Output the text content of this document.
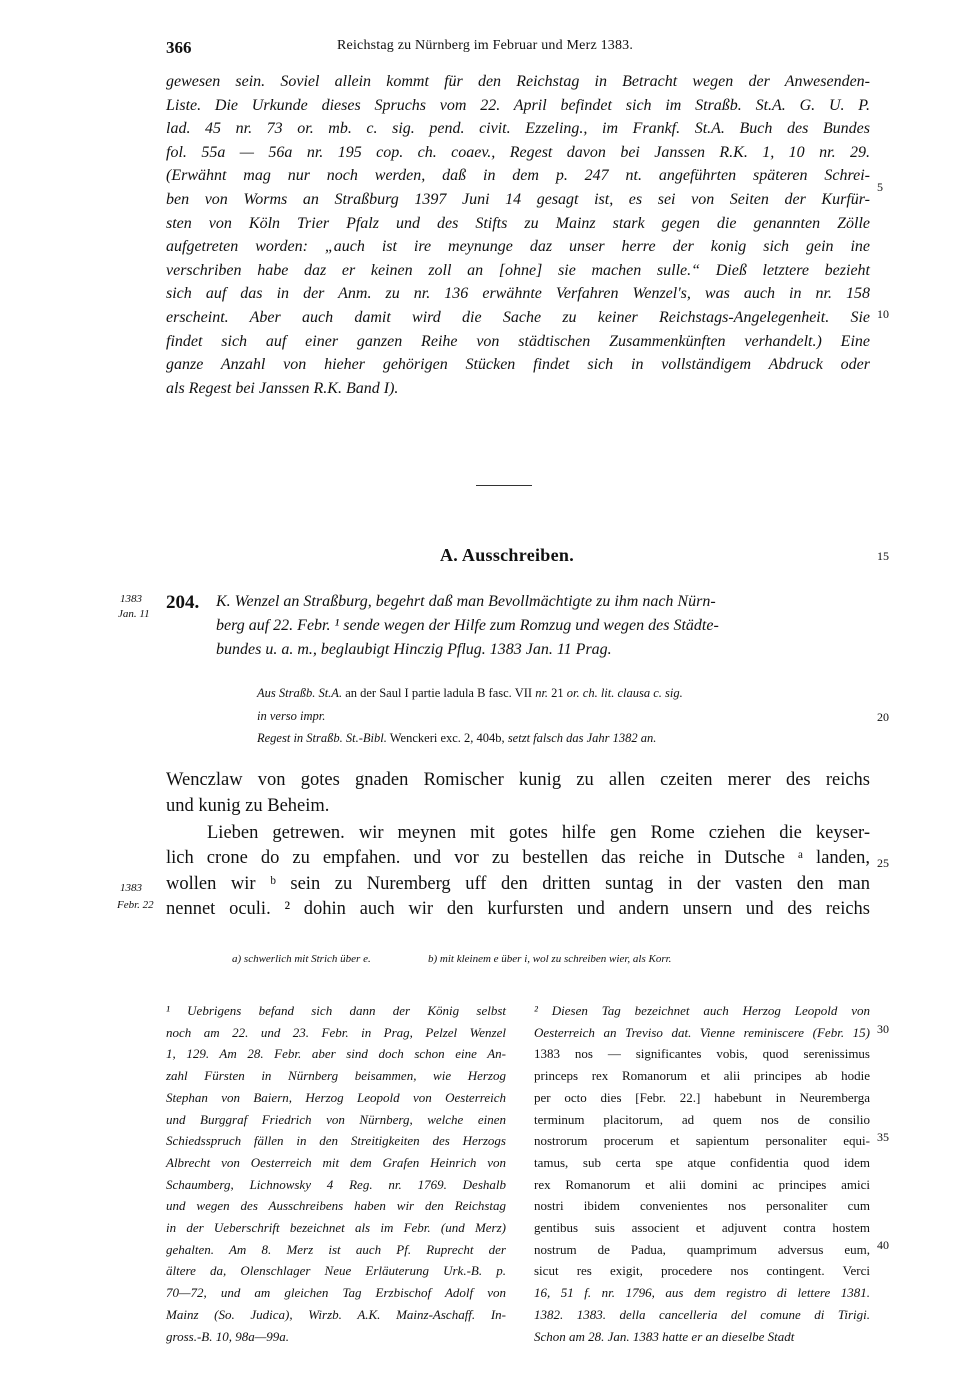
366	Reichstag zu Nürnberg im Februar und Merz 1383.
gewesen sein. Soviel allein kommt für den Reichstag in Betracht wegen der Anwesenden-
Liste. Die Urkunde dieses Spruchs vom 22. April befindet sich im Straßb. St.A. G. U. P.
lad. 45 nr. 73 or. mb. c. sig. pend. civit. Ezzeling., im Frankf. St.A. Buch des Bundes
fol. 55a — 56a nr. 195 cop. ch. coaev., Regest davon bei Janssen R.K. 1, 10 nr. 29.
(Erwähnt mag nur noch werden, daß in dem p. 247 nt. angeführten späteren Schrei-
ben von Worms an Straßburg 1397 Juni 14 gesagt ist, es sei von Seiten der Kurfür-
sten von Köln Trier Pfalz und des Stifts zu Mainz stark gegen die genannten Zölle
aufgetreten worden: „auch ist ire meynunge daz unser herre der konig sich gein ine
verschriben habe daz er keinen zoll an [ohne] sie machen sulle.“ Dieß letztere bezieht
sich auf das in der Anm. zu nr. 136 erwähnte Verfahren Wenzel's, was auch in nr. 158
erscheint. Aber auch damit wird die Sache zu keiner Reichstags-Angelegenheit. Sie
findet sich auf einer ganzen Reihe von städtischen Zusammenkünften verhandelt.) Eine
ganze Anzahl von hieher gehörigen Stücken findet sich in vollständigem Abdruck oder
als Regest bei Janssen R.K. Band I).
5
10
15
20
25
30
35
40
A. Ausschreiben.
1383
Jan. 11
204. K. Wenzel an Straßburg, begehrt daß man Bevollmächtigte zu ihm nach Nürn-
berg auf 22. Febr. ¹ sende wegen der Hilfe zum Romzug und wegen des Städte-
bundes u. a. m., beglaubigt Hinczig Pflug. 1383 Jan. 11 Prag.
Aus Straßb. St.A. an der Saul I partie ladula B fasc. VII nr. 21 or. ch. lit. clausa c. sig.
in verso impr.
Regest in Straßb. St.-Bibl. Wenckeri exc. 2, 404b, setzt falsch das Jahr 1382 an.
Wenczlaw von gotes gnaden Romischer kunig zu allen czeiten merer des reichs
und kunig zu Beheim.
Lieben getrewen. wir meynen mit gotes hilfe gen Rome cziehen die keyser-
lich crone do zu empfahen. und vor zu bestellen das reiche in Dutsche ᵃ landen,
wollen wir ᵇ sein zu Nuremberg uff den dritten suntag in der vasten den man
nennet oculi. ² dohin auch wir den kurfursten und andern unsern und des reichs
1383
Febr. 22
a) schwerlich mit Strich über e.	b) mit kleinem e über i, wol zu schreiben wier, als Korr.
¹ Uebrigens befand sich dann der König selbst
noch am 22. und 23. Febr. in Prag, Pelzel Wenzel
1, 129. Am 28. Febr. aber sind doch schon eine An-
zahl Fürsten in Nürnberg beisammen, wie Herzog
Stephan von Baiern, Herzog Leopold von Oesterreich
und Burggraf Friedrich von Nürnberg, welche einen
Schiedsspruch fällen in den Streitigkeiten des Herzogs
Albrecht von Oesterreich mit dem Grafen Heinrich von
Schaumberg, Lichnowsky 4 Reg. nr. 1769. Deshalb
und wegen des Ausschreibens haben wir den Reichstag
in der Ueberschrift bezeichnet als im Febr. (und Merz)
gehalten. Am 8. Merz ist auch Pf. Ruprecht der
ältere da, Olenschlager Neue Erläuterung Urk.-B. p.
70—72, und am gleichen Tag Erzbischof Adolf von
Mainz (So. Judica), Wirzb. A.K. Mainz-Aschaff. In-
gross.-B. 10, 98a—99a.
² Diesen Tag bezeichnet auch Herzog Leopold von
Oesterreich an Treviso dat. Vienne reminiscere (Febr. 15)
1383 nos — significantes vobis, quod serenissimus
princeps rex Romanorum et alii principes ab hodie
per octo dies [Febr. 22.] habebunt in Neuremberga
terminum placitorum, ad quem nos de consilio
nostrorum procerum et sapientum personaliter equi-
tamus, sub certa spe atque confidentia quod idem
rex Romanorum et alii domini ac principes amici
nostri ibidem convenientes nos personaliter cum
gentibus suis associent et adjuvent contra hostem
nostrum de Padua, quamprimum adversus eum,
sicut res exigit, procedere nos contingent. Verci
16, 51 f. nr. 1796, aus dem registro di lettere 1381.
1382. 1383. della cancelleria del comune di Tirigi.
Schon am 28. Jan. 1383 hatte er an dieselbe Stadt
